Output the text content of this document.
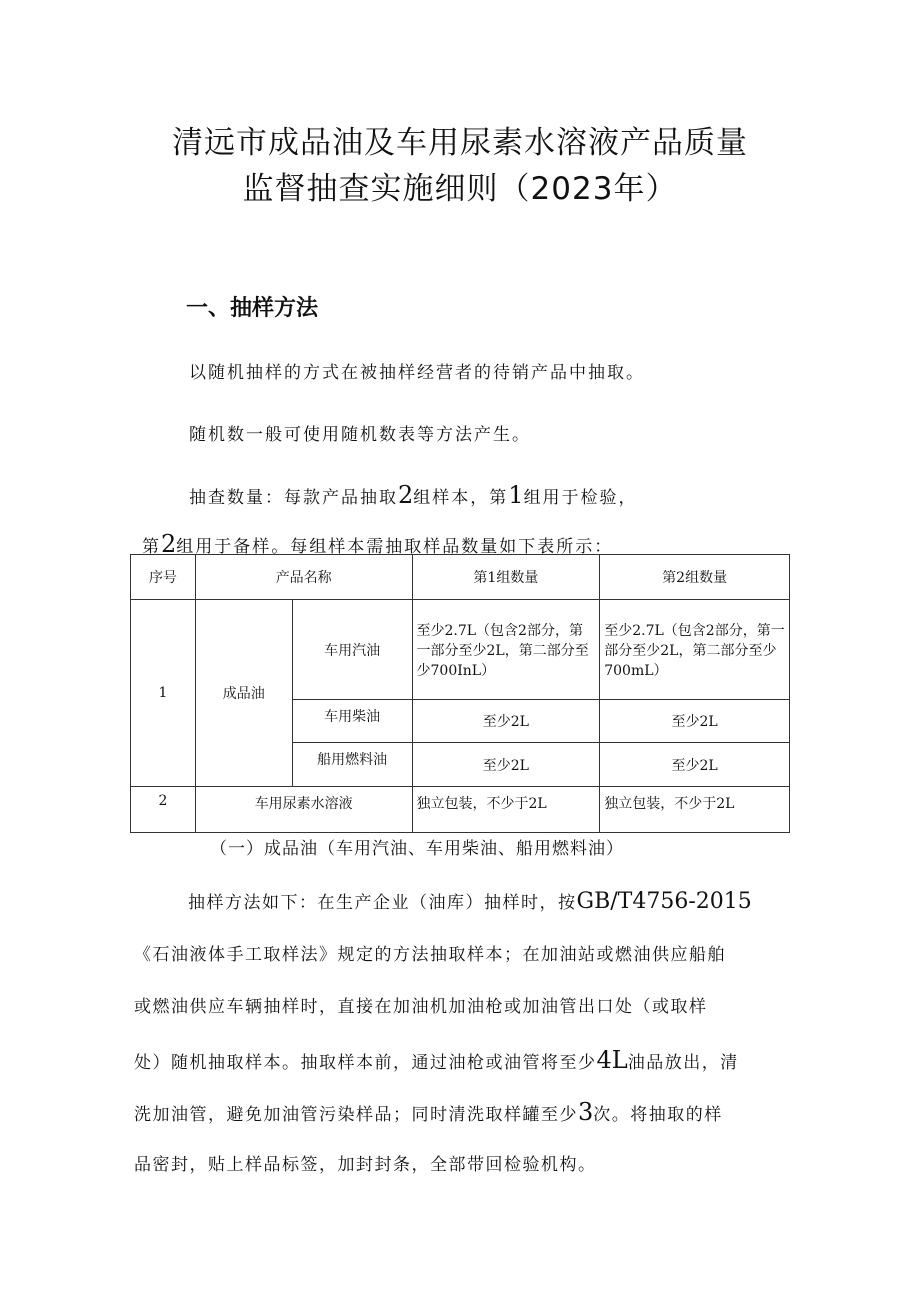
清远市成品油及车用尿素水溶液产品质量
监督抽查实施细则（2023年）
一、抽样方法
以随机抽样的方式在被抽样经营者的待销产品中抽取。
随机数一般可使用随机数表等方法产生。
抽查数量：每款产品抽取2组样本，第1组用于检验，
第2组用于备样。每组样本需抽取样品数量如下表所示：
序号	产品名称		第1组数量	第2组数量
1	成品油	车用汽油	至少2.7L（包含2部分，第一部分至少2L，第二部分至少700InL）	至少2.7L（包含2部分，第一部分至少2L，第二部分至少700mL）
		车用柴油	至少2L	至少2L
		船用燃料油	至少2L	至少2L
2	车用尿素水溶液		独立包装，不少于2L	独立包装，不少于2L
（一）成品油（车用汽油、车用柴油、船用燃料油）
抽样方法如下：在生产企业（油库）抽样时，按GB/T4756-2015
《石油液体手工取样法》规定的方法抽取样本；在加油站或燃油供应船舶
或燃油供应车辆抽样时，直接在加油机加油枪或加油管出口处（或取样
处）随机抽取样本。抽取样本前，通过油枪或油管将至少4L油品放出，清
洗加油管，避免加油管污染样品；同时清洗取样罐至少3次。将抽取的样
品密封，贴上样品标签，加封封条，全部带回检验机构。
